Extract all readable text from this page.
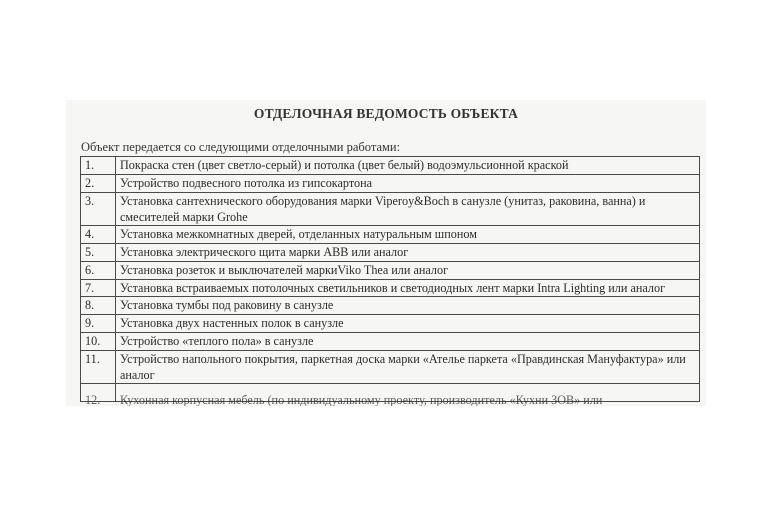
ОТДЕЛОЧНАЯ ВЕДОМОСТЬ ОБЪЕКТА
Объект передается со следующими отделочными работами:
1.	Покраска стен (цвет светло-серый) и потолка (цвет белый) водоэмульсионной краской
2.	Устройство подвесного потолка из гипсокартона
3.	Установка сантехнического оборудования марки Viperoy&Boch в санузле (унитаз, раковина, ванна) и смесителей марки Grohe
4.	Установка межкомнатных дверей, отделанных натуральным шпоном
5.	Установка электрического щита марки ABB или аналог
6.	Установка розеток и выключателей маркиViko Thea или аналог
7.	Установка встраиваемых потолочных светильников и светодиодных лент марки Intra Lighting или аналог
8.	Установка тумбы под раковину в санузле
9.	Установка двух настенных полок в санузле
10.	Устройство «теплого пола» в санузле
11.	Устройство напольного покрытия, паркетная доска марки «Ателье паркета «Правдинская Мануфактура» или аналог

12.	Кухонная корпусная мебель (по индивидуальному проекту, производитель «Кухни ЗОВ» или
